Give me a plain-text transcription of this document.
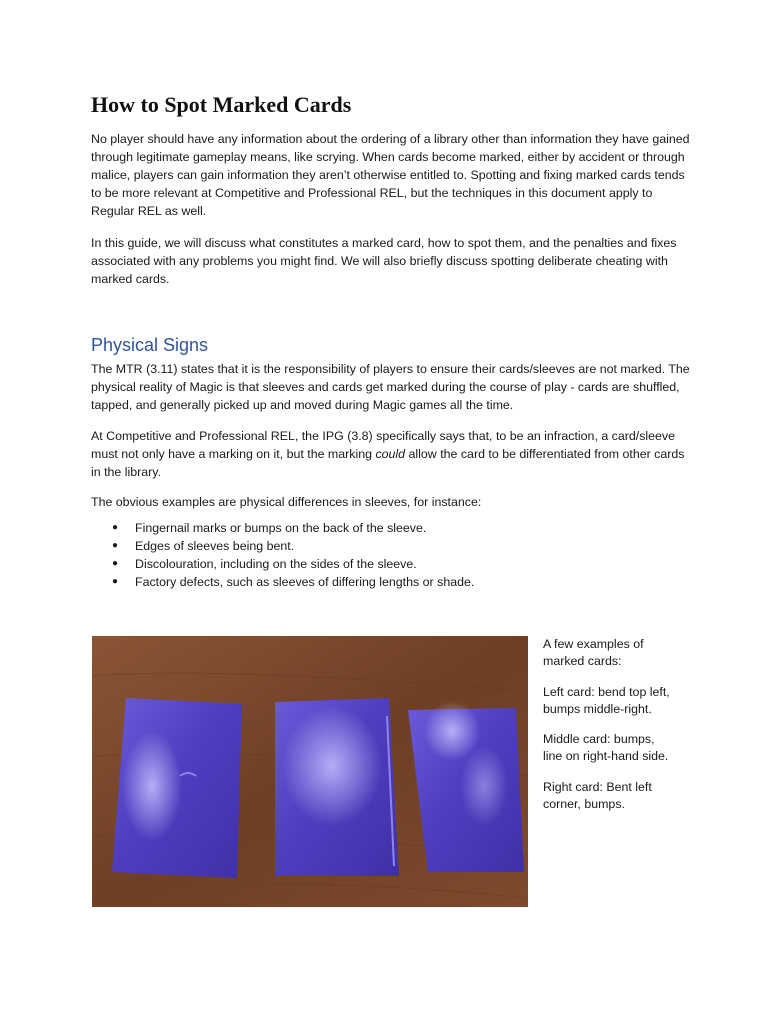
How to Spot Marked Cards

No player should have any information about the ordering of a library other than information they have gained through legitimate gameplay means, like scrying. When cards become marked, either by accident or through malice, players can gain information they aren’t otherwise entitled to. Spotting and fixing marked cards tends to be more relevant at Competitive and Professional REL, but the techniques in this document apply to Regular REL as well.

In this guide, we will discuss what constitutes a marked card, how to spot them, and the penalties and fixes associated with any problems you might find. We will also briefly discuss spotting deliberate cheating with marked cards.

Physical Signs

The MTR (3.11) states that it is the responsibility of players to ensure their cards/sleeves are not marked. The physical reality of Magic is that sleeves and cards get marked during the course of play - cards are shuffled, tapped, and generally picked up and moved during Magic games all the time.

At Competitive and Professional REL, the IPG (3.8) specifically says that, to be an infraction, a card/sleeve must not only have a marking on it, but the marking could allow the card to be differentiated from other cards in the library.

The obvious examples are physical differences in sleeves, for instance:

● Fingernail marks or bumps on the back of the sleeve.
● Edges of sleeves being bent.
● Discolouration, including on the sides of the sleeve.
● Factory defects, such as sleeves of differing lengths or shade.

A few examples of marked cards:

Left card: bend top left, bumps middle-right.

Middle card: bumps, line on right-hand side.

Right card: Bent left corner, bumps.
